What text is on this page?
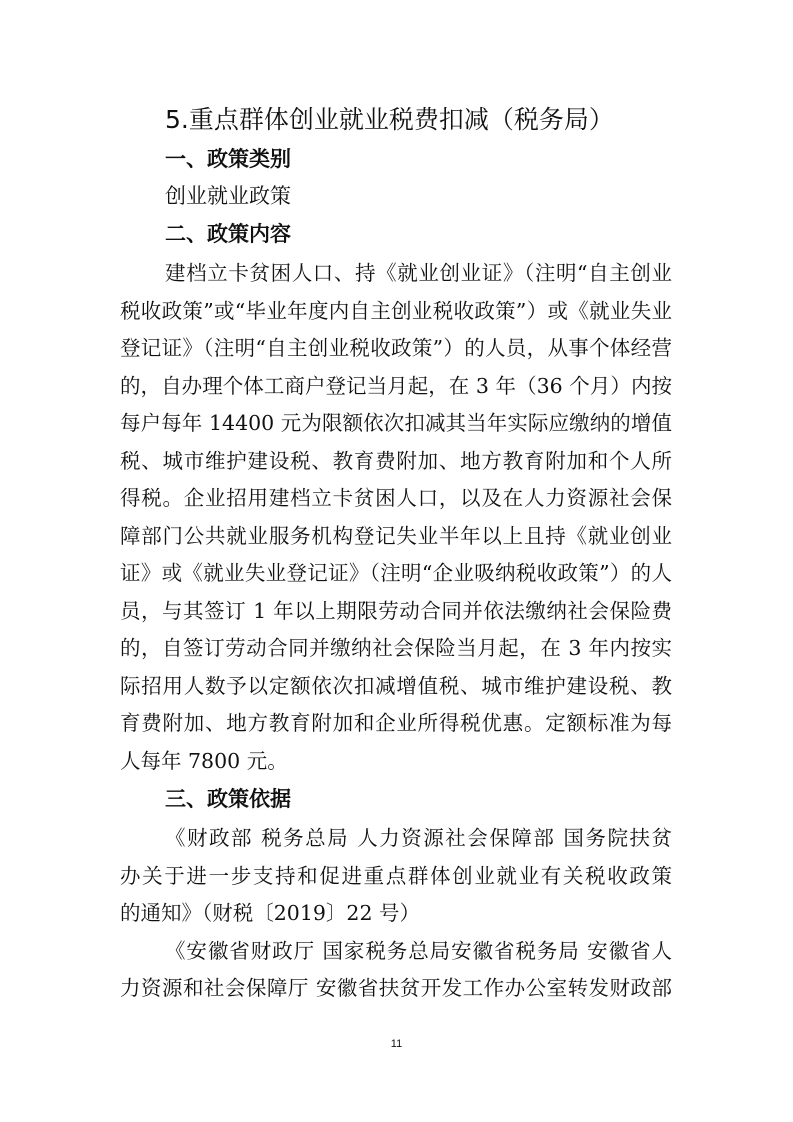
5.重点群体创业就业税费扣减（税务局）
一、政策类别
创业就业政策
二、政策内容
建档立卡贫困人口、持《就业创业证》（注明“自主创业
税收政策”或“毕业年度内自主创业税收政策”）或《就业失业
登记证》（注明“自主创业税收政策”）的人员，从事个体经营
的，自办理个体工商户登记当月起，在 3 年（36 个月）内按
每户每年 14400 元为限额依次扣减其当年实际应缴纳的增值
税、城市维护建设税、教育费附加、地方教育附加和个人所
得税。企业招用建档立卡贫困人口，以及在人力资源社会保
障部门公共就业服务机构登记失业半年以上且持《就业创业
证》或《就业失业登记证》（注明“企业吸纳税收政策”）的人
员，与其签订 1 年以上期限劳动合同并依法缴纳社会保险费
的，自签订劳动合同并缴纳社会保险当月起，在 3 年内按实
际招用人数予以定额依次扣减增值税、城市维护建设税、教
育费附加、地方教育附加和企业所得税优惠。定额标准为每
人每年 7800 元。
三、政策依据
《财政部 税务总局 人力资源社会保障部 国务院扶贫
办关于进一步支持和促进重点群体创业就业有关税收政策
的通知》（财税〔2019〕22 号）
《安徽省财政厅 国家税务总局安徽省税务局 安徽省人
力资源和社会保障厅 安徽省扶贫开发工作办公室转发财政部
11
